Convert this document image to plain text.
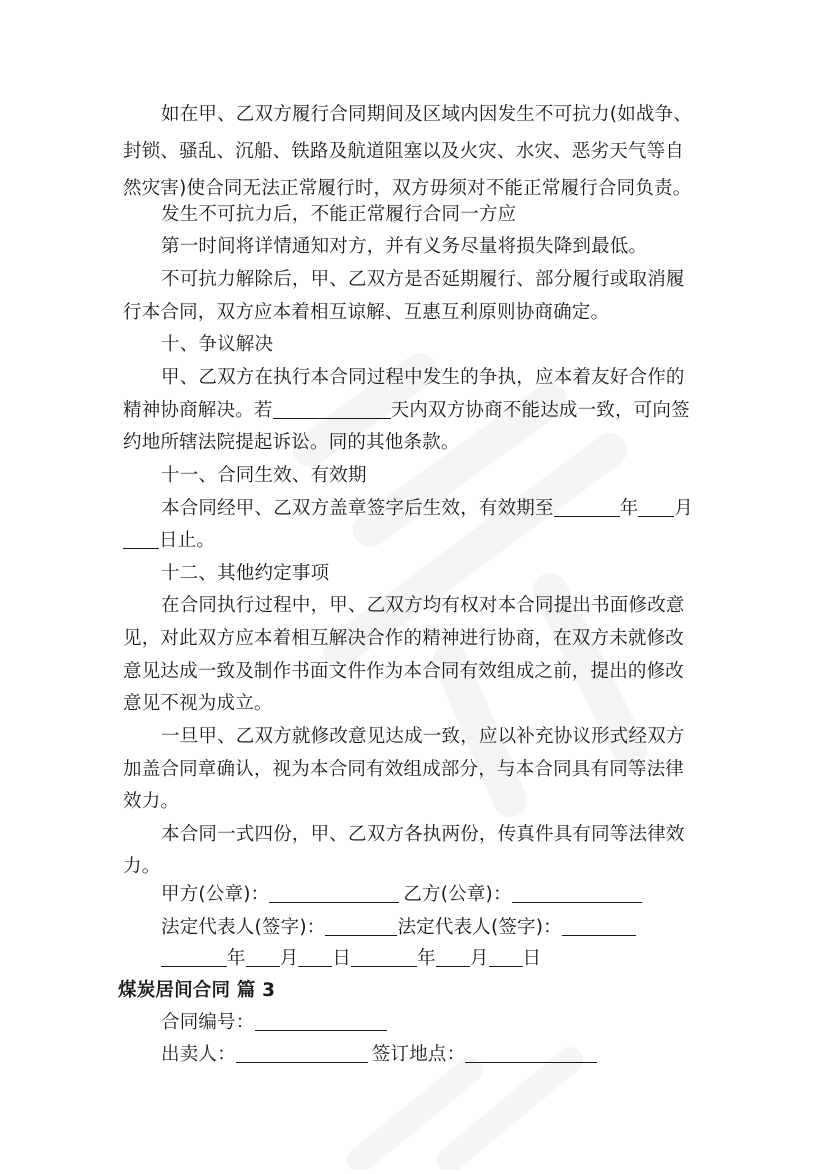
如在甲、乙双方履行合同期间及区域内因发生不可抗力(如战争、
封锁、骚乱、沉船、铁路及航道阻塞以及火灾、水灾、恶劣天气等自
然灾害)使合同无法正常履行时，双方毋须对不能正常履行合同负责。
发生不可抗力后，不能正常履行合同一方应
第一时间将详情通知对方，并有义务尽量将损失降到最低。
不可抗力解除后，甲、乙双方是否延期履行、部分履行或取消履
行本合同，双方应本着相互谅解、互惠互利原则协商确定。
十、争议解决
甲、乙双方在执行本合同过程中发生的争执，应本着友好合作的
精神协商解决。若	天内双方协商不能达成一致，可向签
约地所辖法院提起诉讼。同的其他条款。
十一、合同生效、有效期
本合同经甲、乙双方盖章签字后生效，有效期至	年 月
日止。
十二、其他约定事项
在合同执行过程中，甲、乙双方均有权对本合同提出书面修改意
见，对此双方应本着相互解决合作的精神进行协商，在双方未就修改
意见达成一致及制作书面文件作为本合同有效组成之前，提出的修改
意见不视为成立。
一旦甲、乙双方就修改意见达成一致，应以补充协议形式经双方
加盖合同章确认，视为本合同有效组成部分，与本合同具有同等法律
效力。
本合同一式四份，甲、乙双方各执两份，传真件具有同等法律效
力。
甲方(公章)：	乙方(公章)：
法定代表人(签字)：	法定代表人(签字)：
年 月 日	年 月 日
煤炭居间合同 篇 3
合同编号：
出卖人：	签订地点：
